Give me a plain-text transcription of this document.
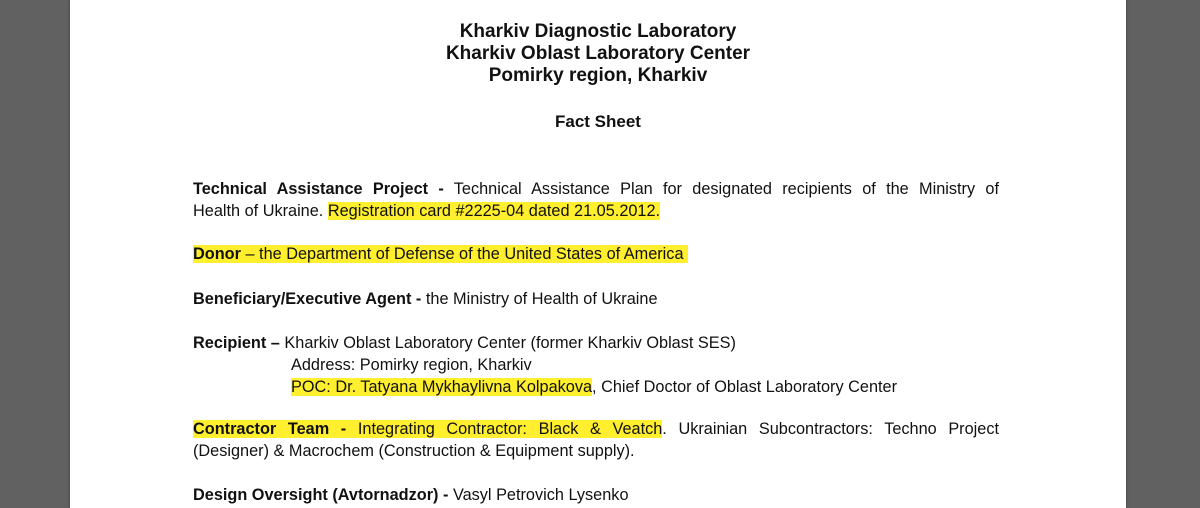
Kharkiv Diagnostic Laboratory
Kharkiv Oblast Laboratory Center
Pomirky region, Kharkiv
Fact Sheet
Technical Assistance Project - Technical Assistance Plan for designated recipients of the Ministry of
Health of Ukraine. Registration card #2225-04 dated 21.05.2012.
Donor – the Department of Defense of the United States of America
Beneficiary/Executive Agent - the Ministry of Health of Ukraine
Recipient – Kharkiv Oblast Laboratory Center (former Kharkiv Oblast SES)
Address: Pomirky region, Kharkiv
POC: Dr. Tatyana Mykhaylivna Kolpakova, Chief Doctor of Oblast Laboratory Center
Contractor Team - Integrating Contractor: Black & Veatch. Ukrainian Subcontractors: Techno Project
(Designer) & Macrochem (Construction & Equipment supply).
Design Oversight (Avtornadzor) - Vasyl Petrovich Lysenko
